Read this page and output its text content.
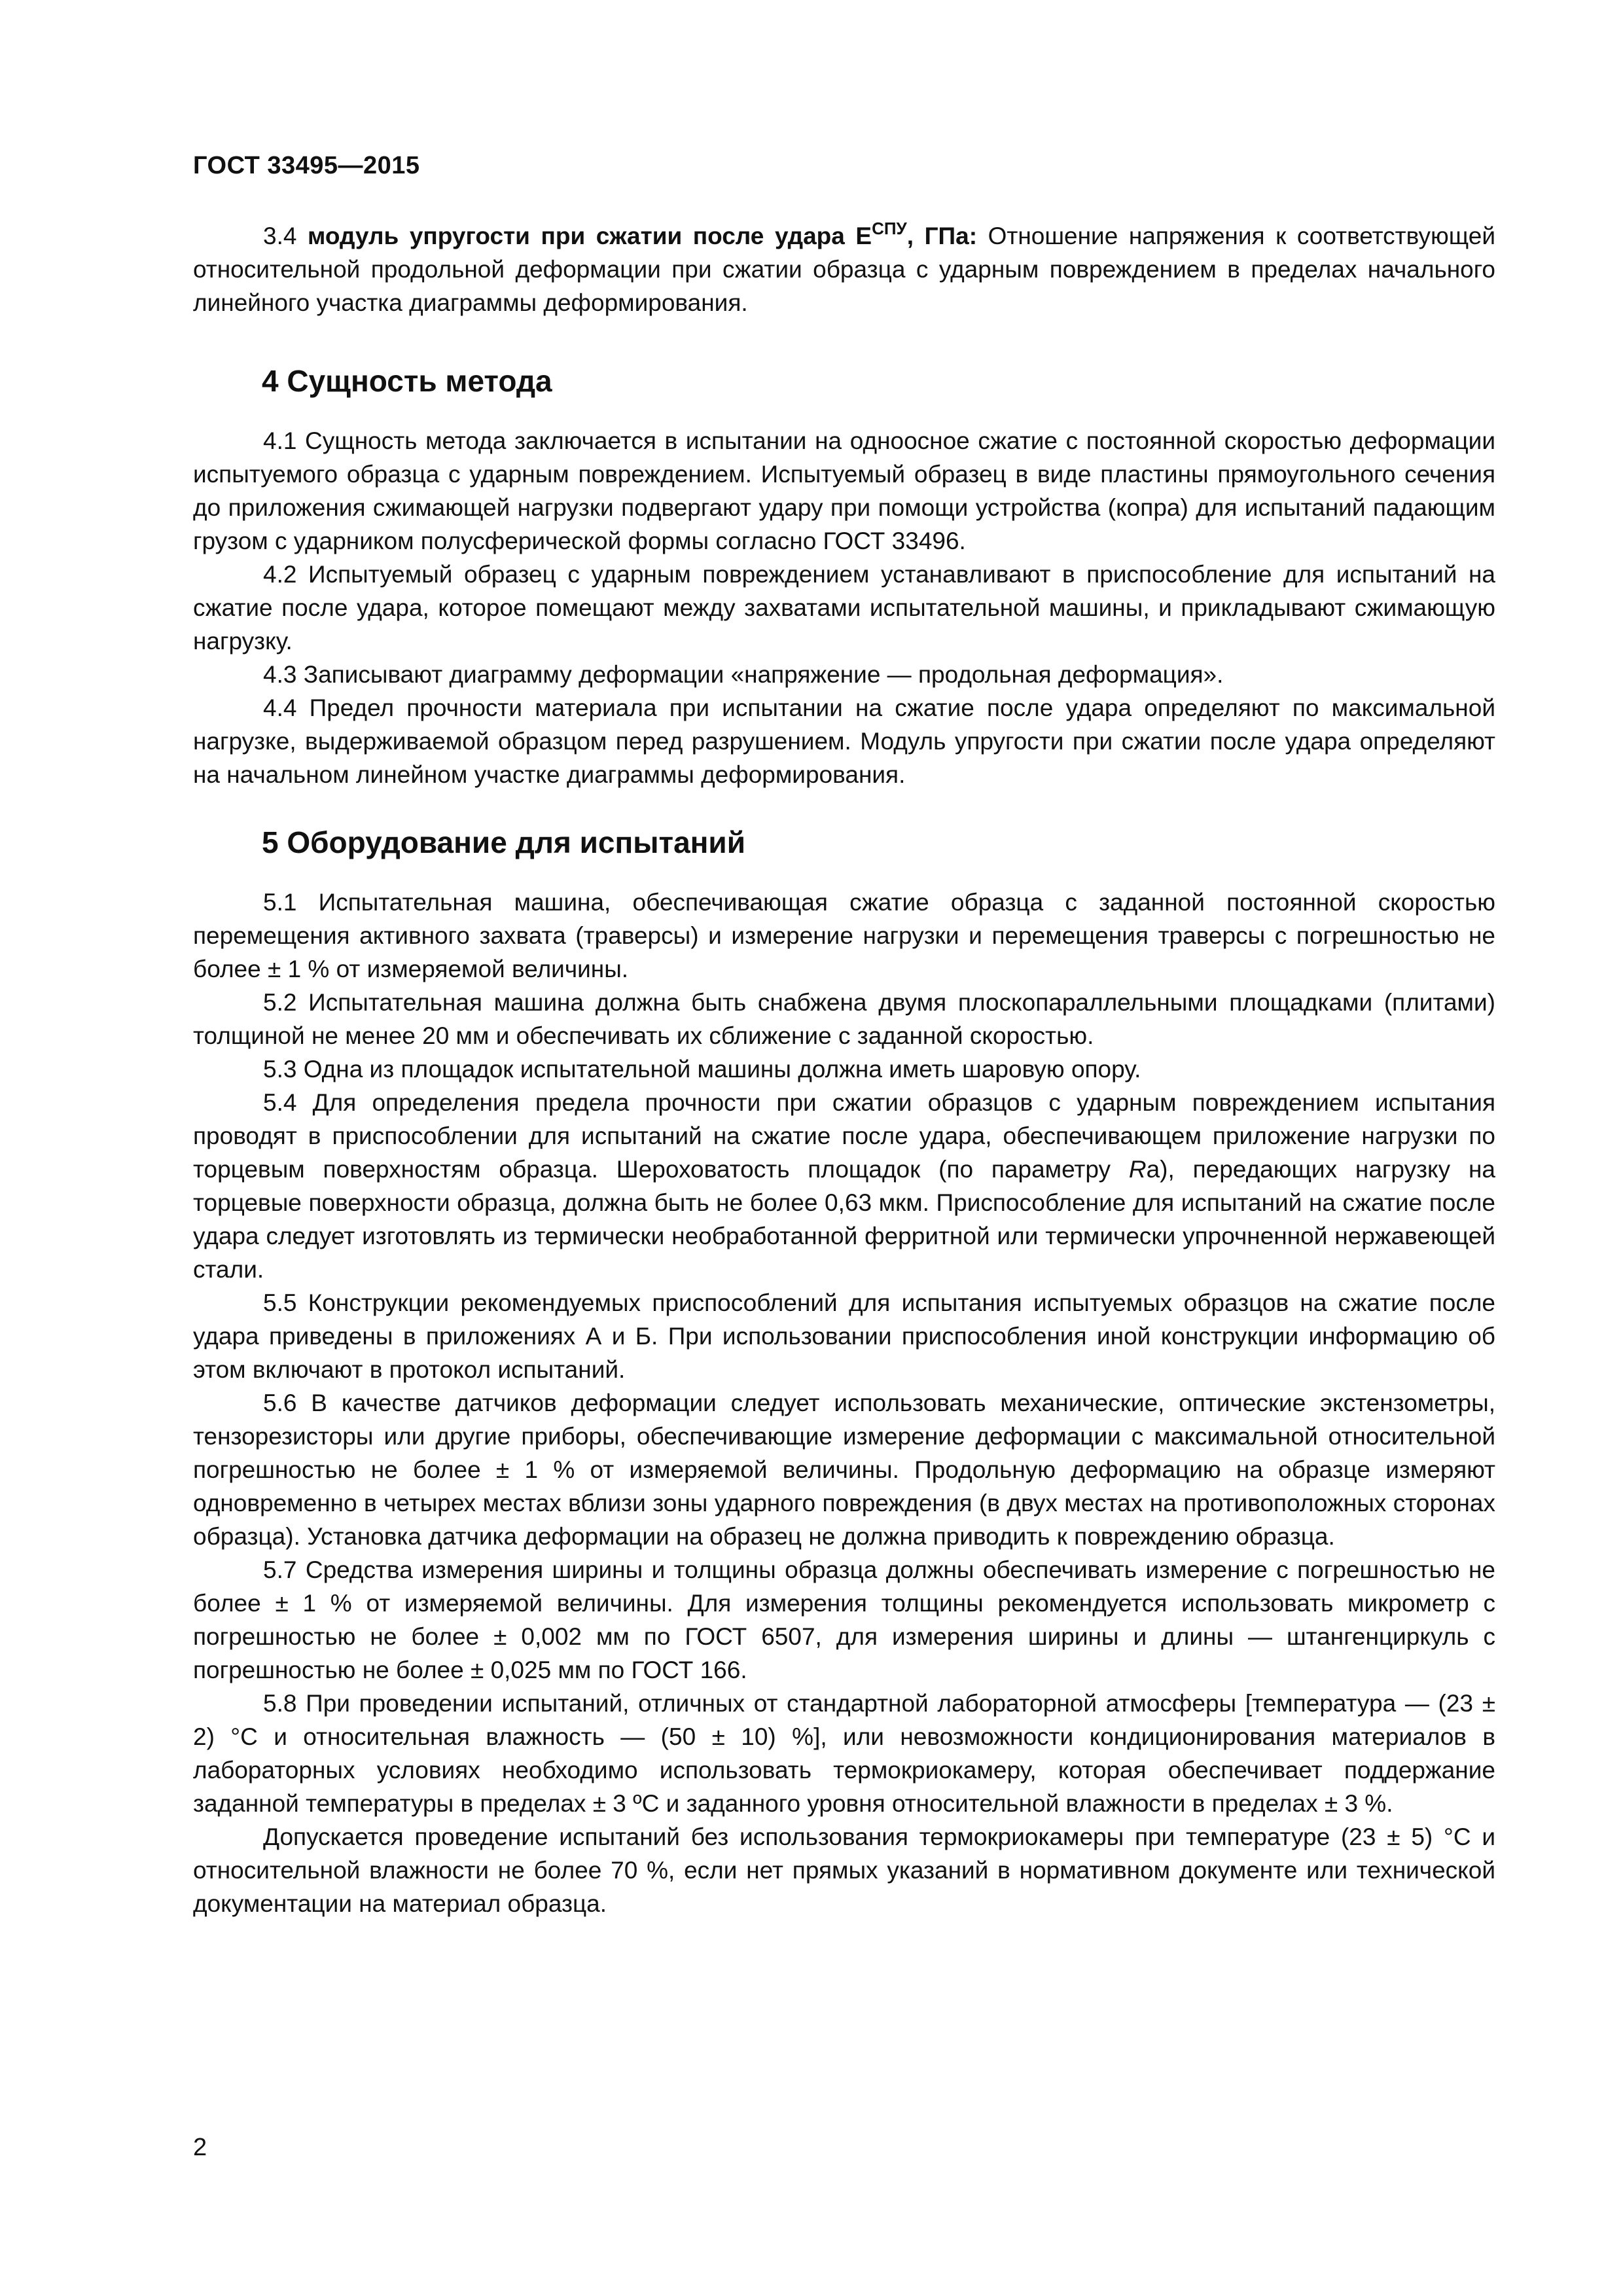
ГОСТ 33495—2015

3.4 модуль упругости при сжатии после удара $E^{СПУ}$, ГПа: Отношение напряжения к соответствующей относительной продольной деформации при сжатии образца с ударным повреждением в пределах начального линейного участка диаграммы деформирования.

4 Сущность метода

4.1 Сущность метода заключается в испытании на одноосное сжатие с постоянной скоростью деформации испытуемого образца с ударным повреждением. Испытуемый образец в виде пластины прямоугольного сечения до приложения сжимающей нагрузки подвергают удару при помощи устройства (копра) для испытаний падающим грузом с ударником полусферической формы согласно ГОСТ 33496.

4.2 Испытуемый образец с ударным повреждением устанавливают в приспособление для испытаний на сжатие после удара, которое помещают между захватами испытательной машины, и прикладывают сжимающую нагрузку.

4.3 Записывают диаграмму деформации «напряжение — продольная деформация».

4.4 Предел прочности материала при испытании на сжатие после удара определяют по максимальной нагрузке, выдерживаемой образцом перед разрушением. Модуль упругости при сжатии после удара определяют на начальном линейном участке диаграммы деформирования.

5 Оборудование для испытаний

5.1 Испытательная машина, обеспечивающая сжатие образца с заданной постоянной скоростью перемещения активного захвата (траверсы) и измерение нагрузки и перемещения траверсы с погрешностью не более ± 1 % от измеряемой величины.

5.2 Испытательная машина должна быть снабжена двумя плоскопараллельными площадками (плитами) толщиной не менее 20 мм и обеспечивать их сближение с заданной скоростью.

5.3 Одна из площадок испытательной машины должна иметь шаровую опору.

5.4 Для определения предела прочности при сжатии образцов с ударным повреждением испытания проводят в приспособлении для испытаний на сжатие после удара, обеспечивающем приложение нагрузки по торцевым поверхностям образца. Шероховатость площадок (по параметру Ra), передающих нагрузку на торцевые поверхности образца, должна быть не более 0,63 мкм. Приспособление для испытаний на сжатие после удара следует изготовлять из термически необработанной ферритной или термически упрочненной нержавеющей стали.

5.5 Конструкции рекомендуемых приспособлений для испытания испытуемых образцов на сжатие после удара приведены в приложениях А и Б. При использовании приспособления иной конструкции информацию об этом включают в протокол испытаний.

5.6 В качестве датчиков деформации следует использовать механические, оптические экстензометры, тензорезисторы или другие приборы, обеспечивающие измерение деформации с максимальной относительной погрешностью не более ± 1 % от измеряемой величины. Продольную деформацию на образце измеряют одновременно в четырех местах вблизи зоны ударного повреждения (в двух местах на противоположных сторонах образца). Установка датчика деформации на образец не должна приводить к повреждению образца.

5.7 Средства измерения ширины и толщины образца должны обеспечивать измерение с погрешностью не более ± 1 % от измеряемой величины. Для измерения толщины рекомендуется использовать микрометр с погрешностью не более ± 0,002 мм по ГОСТ 6507, для измерения ширины и длины — штангенциркуль с погрешностью не более ± 0,025 мм по ГОСТ 166.

5.8 При проведении испытаний, отличных от стандартной лабораторной атмосферы [температура — (23 ± 2) °С и относительная влажность — (50 ± 10) %], или невозможности кондиционирования материалов в лабораторных условиях необходимо использовать термокриокамеру, которая обеспечивает поддержание заданной температуры в пределах ± 3 ºС и заданного уровня относительной влажности в пределах ± 3 %.

Допускается проведение испытаний без использования термокриокамеры при температуре (23 ± 5) °С и относительной влажности не более 70 %, если нет прямых указаний в нормативном документе или технической документации на материал образца.

2
